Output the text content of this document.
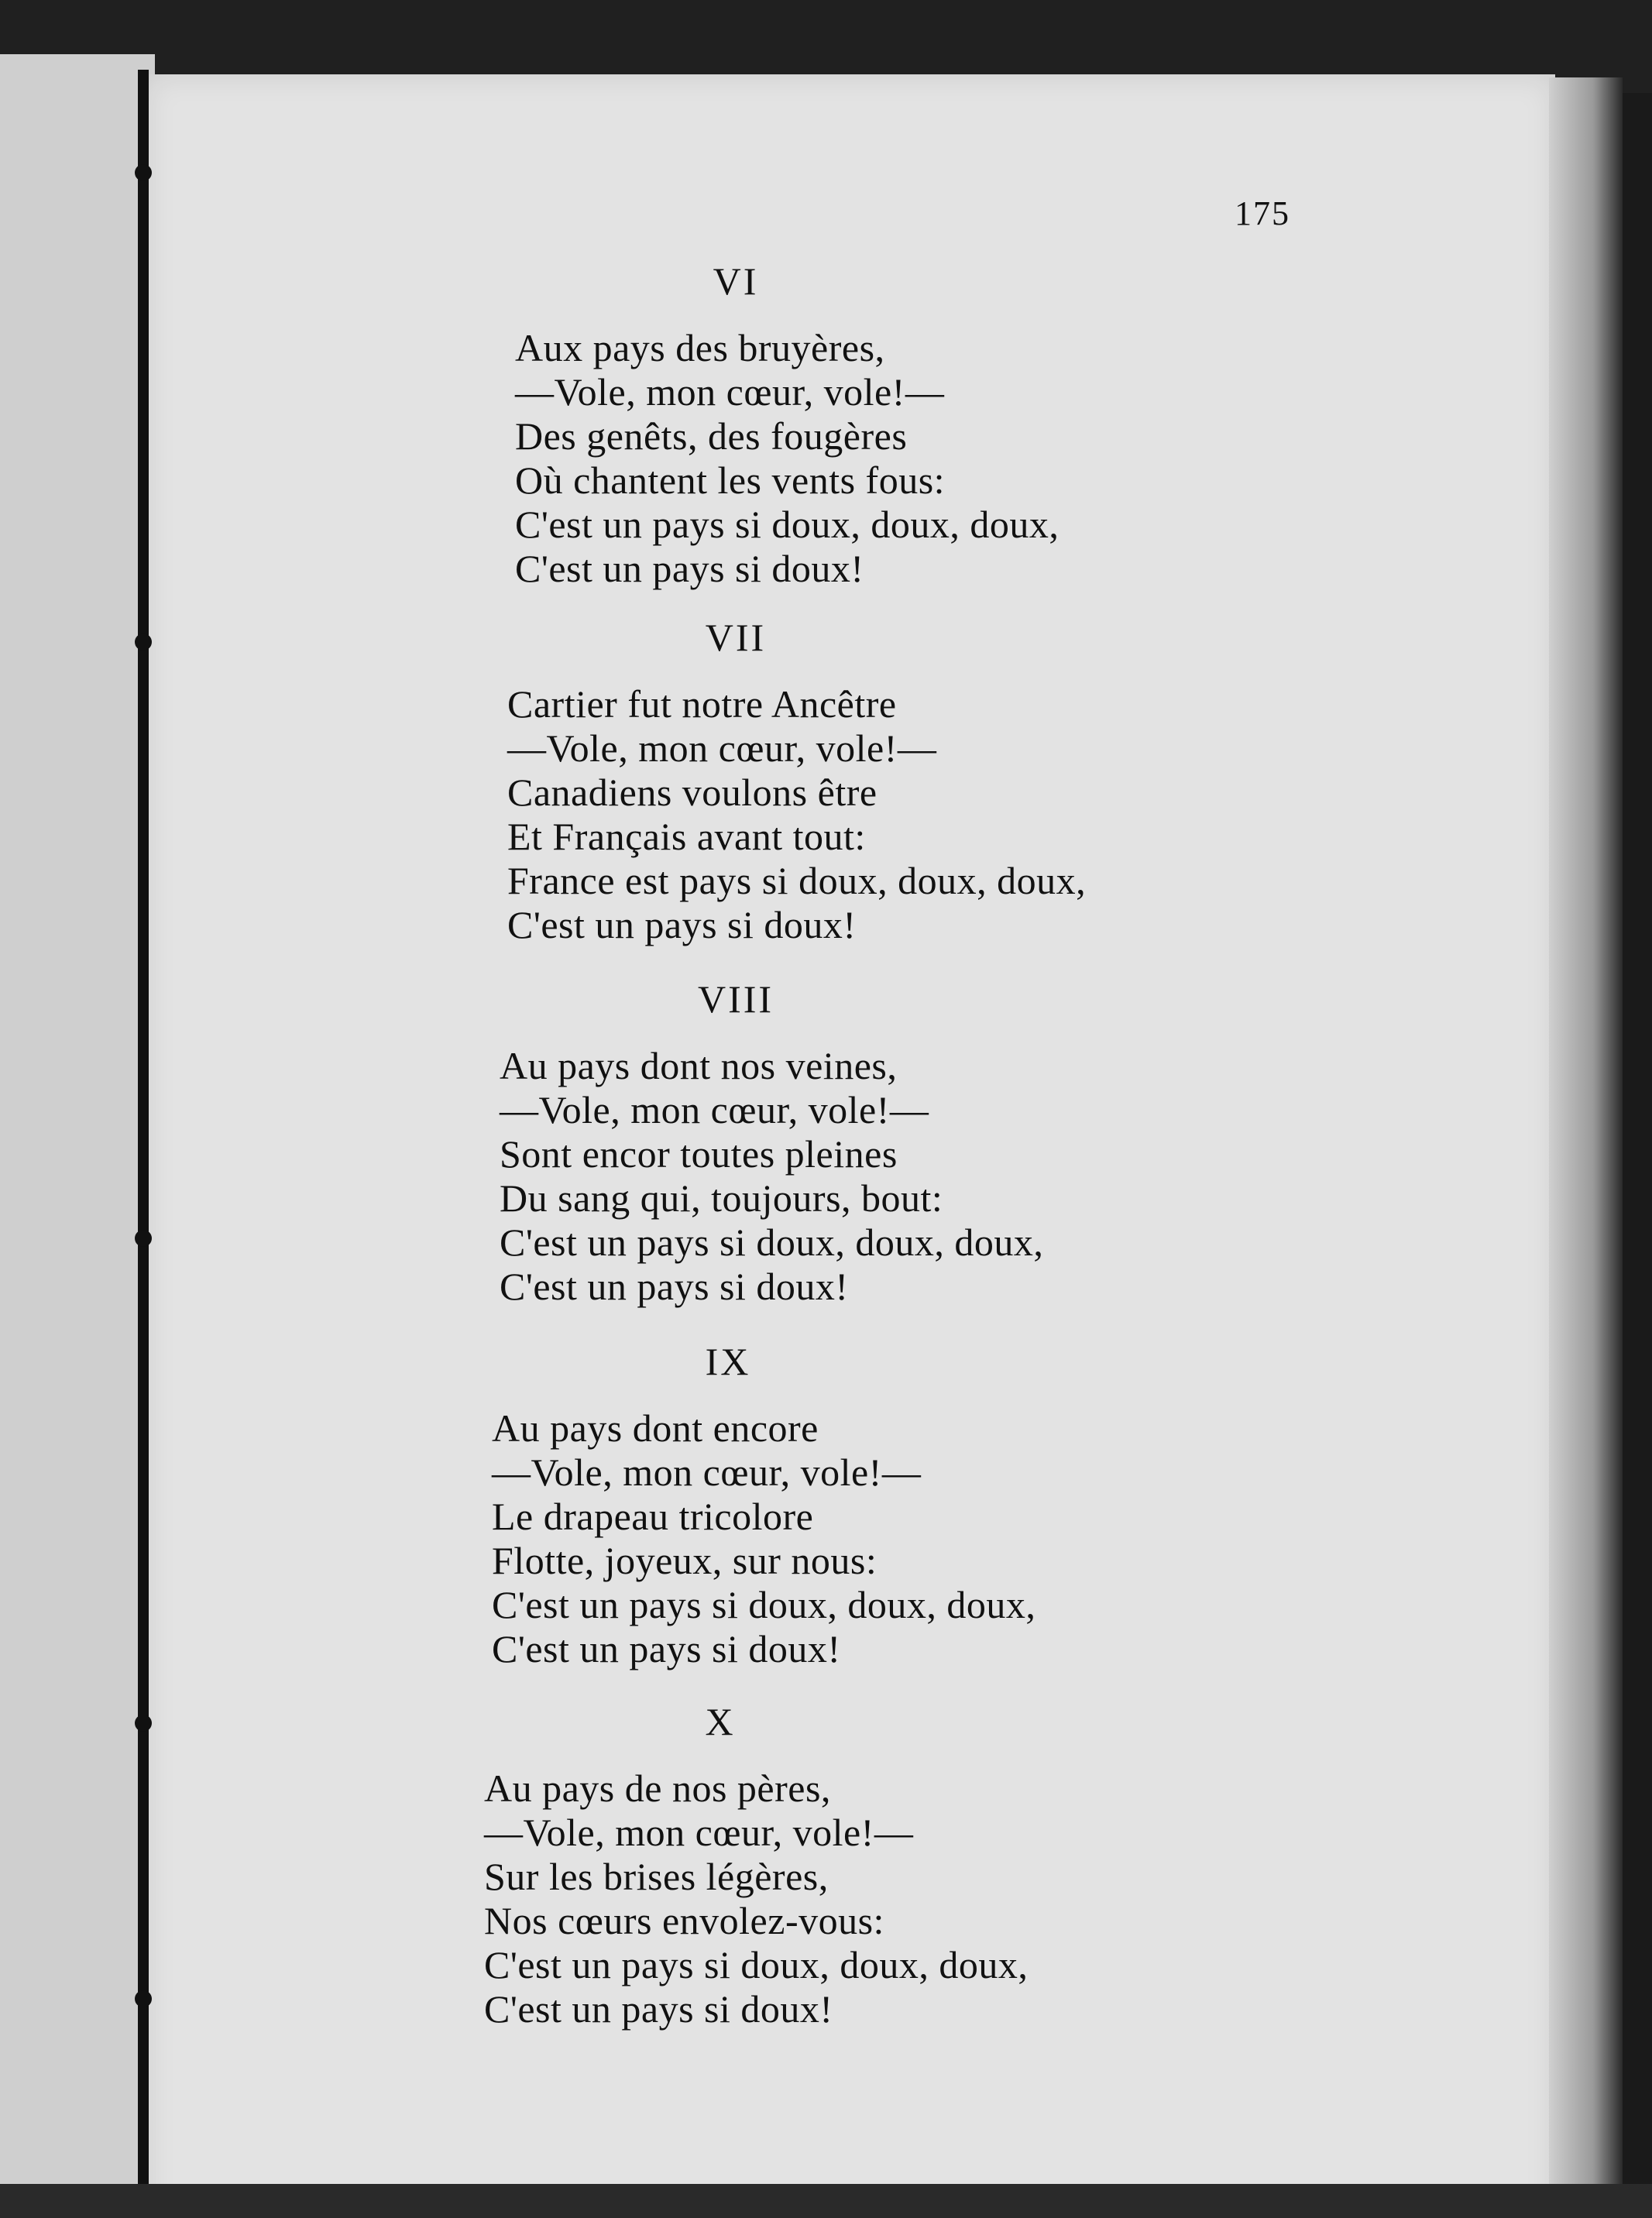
175
VI
Aux pays des bruyères,
—Vole, mon cœur, vole!—
Des genêts, des fougères
Où chantent les vents fous:
C'est un pays si doux, doux, doux,
C'est un pays si doux!
VII
Cartier fut notre Ancêtre
—Vole, mon cœur, vole!—
Canadiens voulons être
Et Français avant tout:
France est pays si doux, doux, doux,
C'est un pays si doux!
VIII
Au pays dont nos veines,
—Vole, mon cœur, vole!—
Sont encor toutes pleines
Du sang qui, toujours, bout:
C'est un pays si doux, doux, doux,
C'est un pays si doux!
IX
Au pays dont encore
—Vole, mon cœur, vole!—
Le drapeau tricolore
Flotte, joyeux, sur nous:
C'est un pays si doux, doux, doux,
C'est un pays si doux!
X
Au pays de nos pères,
—Vole, mon cœur, vole!—
Sur les brises légères,
Nos cœurs envolez-vous:
C'est un pays si doux, doux, doux,
C'est un pays si doux!
